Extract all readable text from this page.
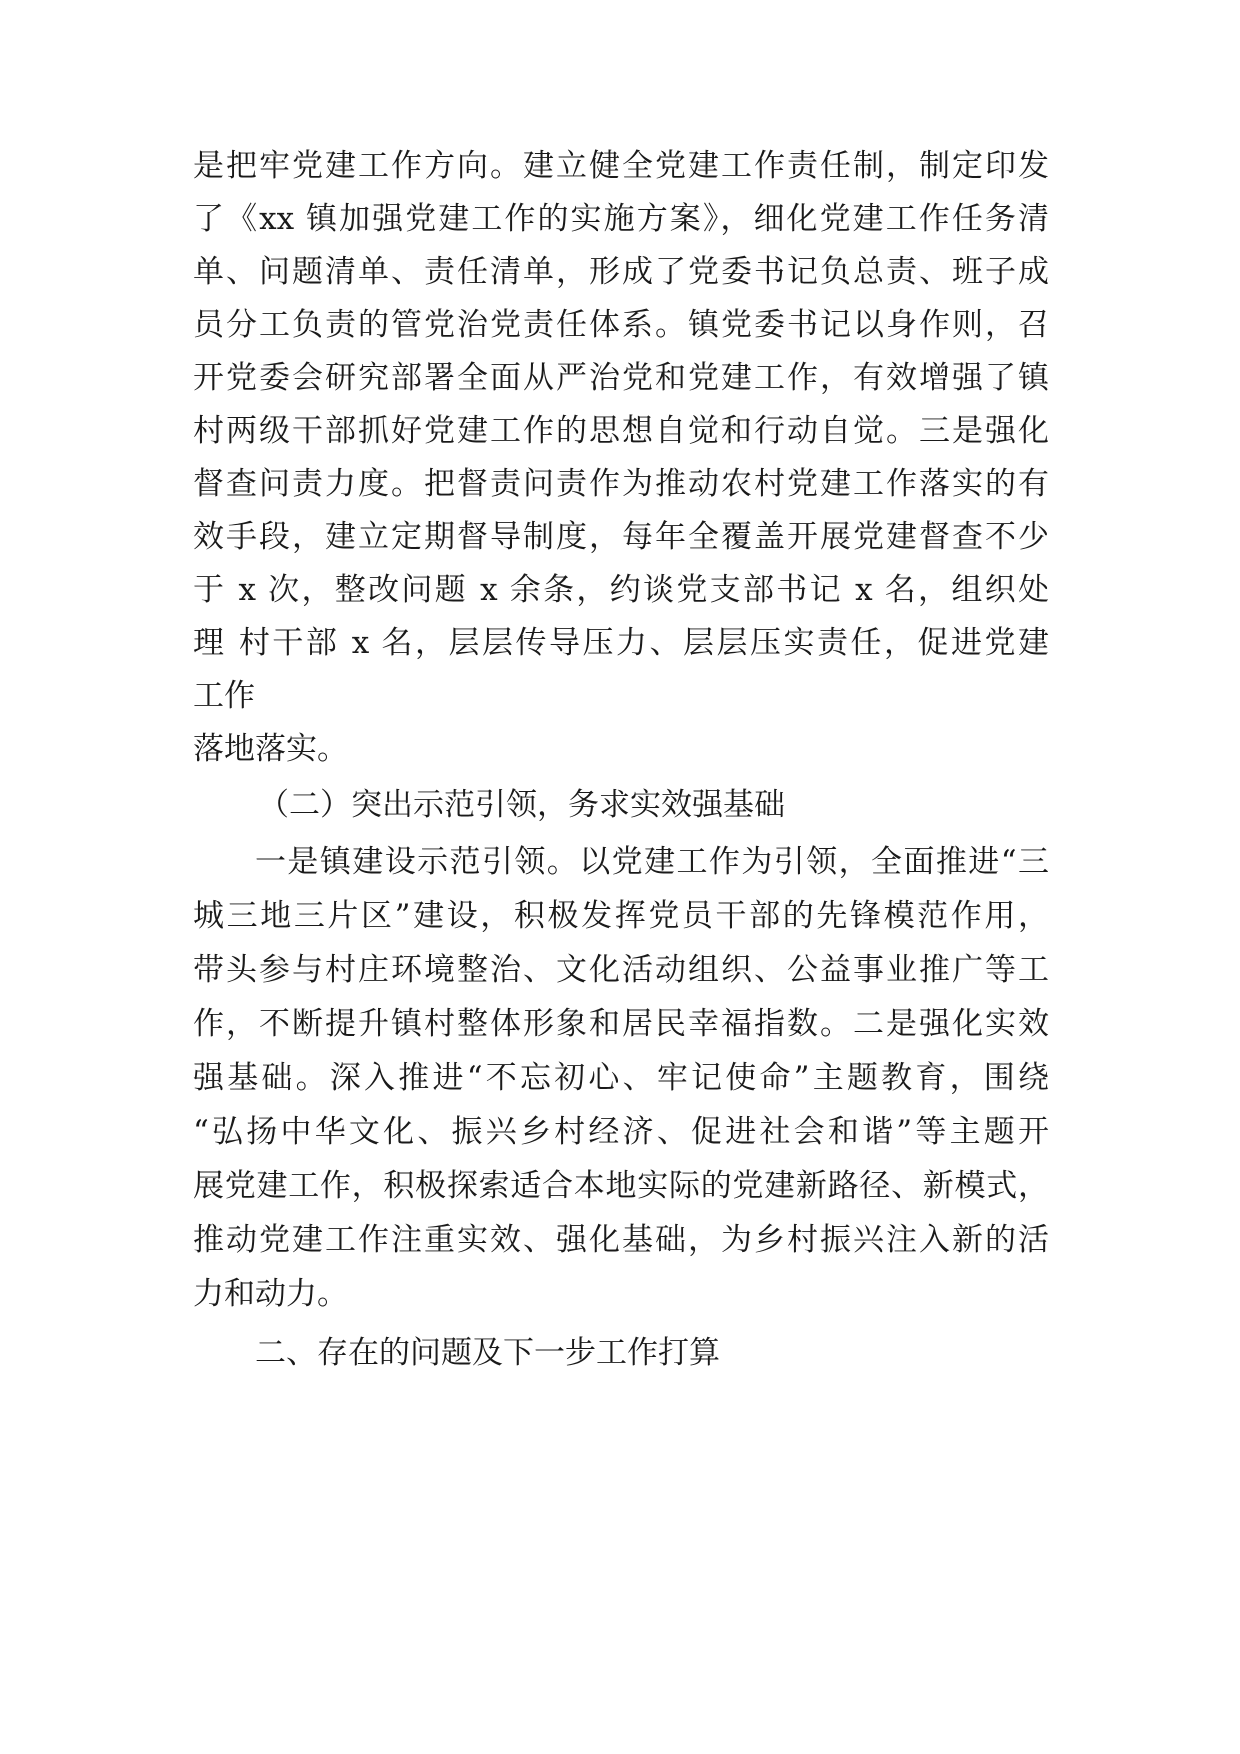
是把牢党建工作方向。建立健全党建工作责任制，制定印发
了《xx 镇加强党建工作的实施方案》，细化党建工作任务清
单、问题清单、责任清单，形成了党委书记负总责、班子成
员分工负责的管党治党责任体系。镇党委书记以身作则，召
开党委会研究部署全面从严治党和党建工作，有效增强了镇
村两级干部抓好党建工作的思想自觉和行动自觉。三是强化
督查问责力度。把督责问责作为推动农村党建工作落实的有
效手段，建立定期督导制度，每年全覆盖开展党建督查不少
于 x 次，整改问题 x 余条，约谈党支部书记 x 名，组织处
理 村干部 x 名，层层传导压力、层层压实责任，促进党建
工作
落地落实。
（二）突出示范引领，务求实效强基础
一是镇建设示范引领。以党建工作为引领，全面推进“三
城三地三片区”建设，积极发挥党员干部的先锋模范作用，
带头参与村庄环境整治、文化活动组织、公益事业推广等工
作，不断提升镇村整体形象和居民幸福指数。二是强化实效
强基础。深入推进“不忘初心、牢记使命”主题教育，围绕
“弘扬中华文化、振兴乡村经济、促进社会和谐”等主题开
展党建工作，积极探索适合本地实际的党建新路径、新模式，
推动党建工作注重实效、强化基础，为乡村振兴注入新的活
力和动力。
二、存在的问题及下一步工作打算
